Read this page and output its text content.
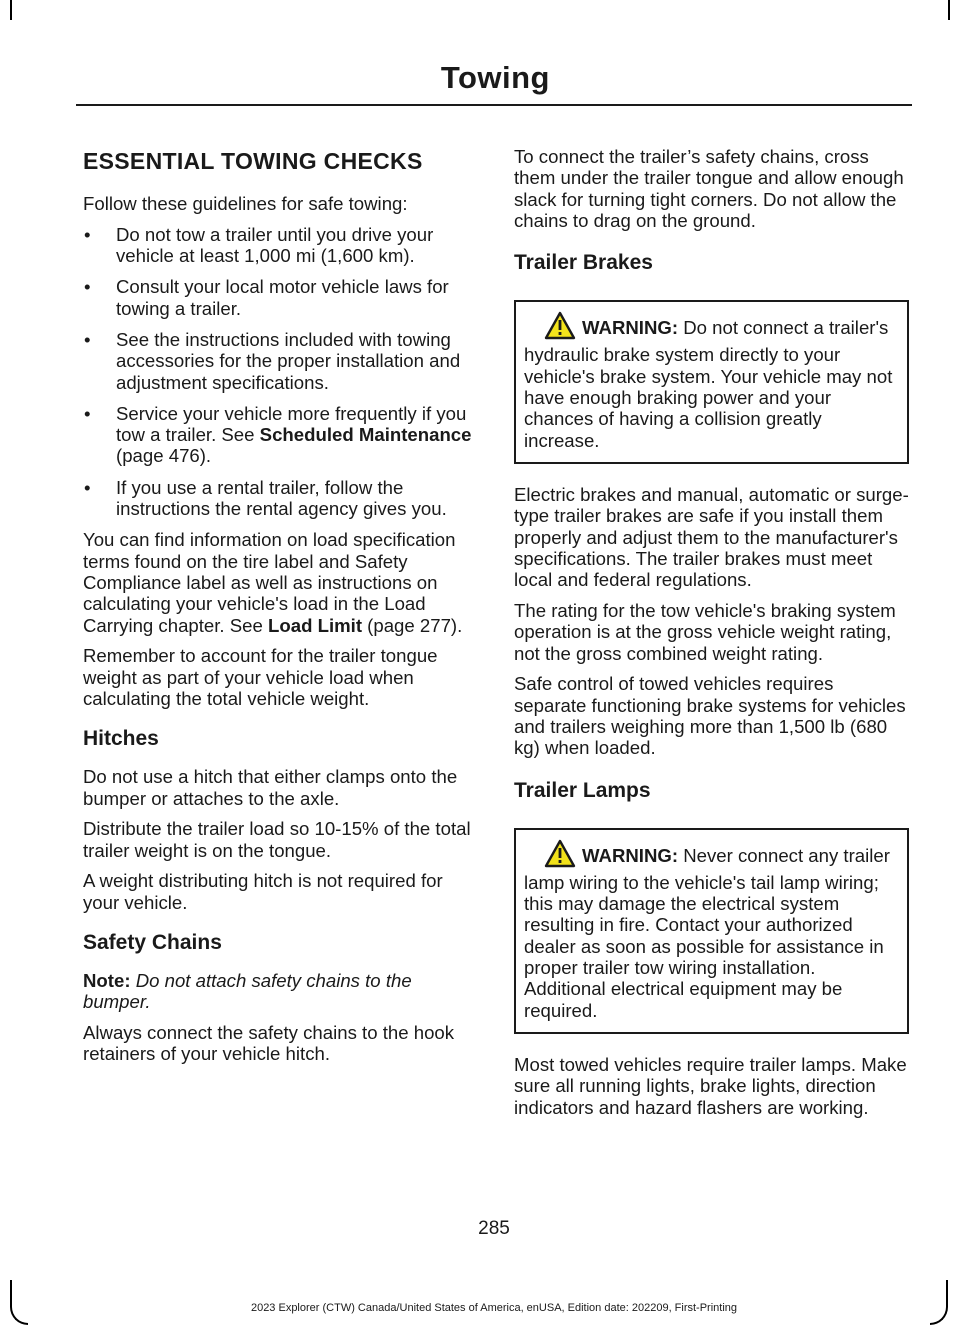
Towing
ESSENTIAL TOWING CHECKS

Follow these guidelines for safe towing:

• Do not tow a trailer until you drive your vehicle at least 1,000 mi (1,600 km).
• Consult your local motor vehicle laws for towing a trailer.
• See the instructions included with towing accessories for the proper installation and adjustment specifications.
• Service your vehicle more frequently if you tow a trailer. See Scheduled Maintenance (page 476).
• If you use a rental trailer, follow the instructions the rental agency gives you.

You can find information on load specification terms found on the tire label and Safety Compliance label as well as instructions on calculating your vehicle's load in the Load Carrying chapter. See Load Limit (page 277).

Remember to account for the trailer tongue weight as part of your vehicle load when calculating the total vehicle weight.

Hitches

Do not use a hitch that either clamps onto the bumper or attaches to the axle.

Distribute the trailer load so 10-15% of the total trailer weight is on the tongue.

A weight distributing hitch is not required for your vehicle.

Safety Chains

Note: Do not attach safety chains to the bumper.

Always connect the safety chains to the hook retainers of your vehicle hitch.

To connect the trailer’s safety chains, cross them under the trailer tongue and allow enough slack for turning tight corners. Do not allow the chains to drag on the ground.

Trailer Brakes

WARNING: Do not connect a trailer's hydraulic brake system directly to your vehicle's brake system. Your vehicle may not have enough braking power and your chances of having a collision greatly increase.

Electric brakes and manual, automatic or surge-type trailer brakes are safe if you install them properly and adjust them to the manufacturer's specifications. The trailer brakes must meet local and federal regulations.

The rating for the tow vehicle's braking system operation is at the gross vehicle weight rating, not the gross combined weight rating.

Safe control of towed vehicles requires separate functioning brake systems for vehicles and trailers weighing more than 1,500 lb (680 kg) when loaded.

Trailer Lamps

WARNING: Never connect any trailer lamp wiring to the vehicle's tail lamp wiring; this may damage the electrical system resulting in fire. Contact your authorized dealer as soon as possible for assistance in proper trailer tow wiring installation. Additional electrical equipment may be required.

Most towed vehicles require trailer lamps. Make sure all running lights, brake lights, direction indicators and hazard flashers are working.

285
2023 Explorer (CTW) Canada/United States of America, enUSA, Edition date: 202209, First-Printing
